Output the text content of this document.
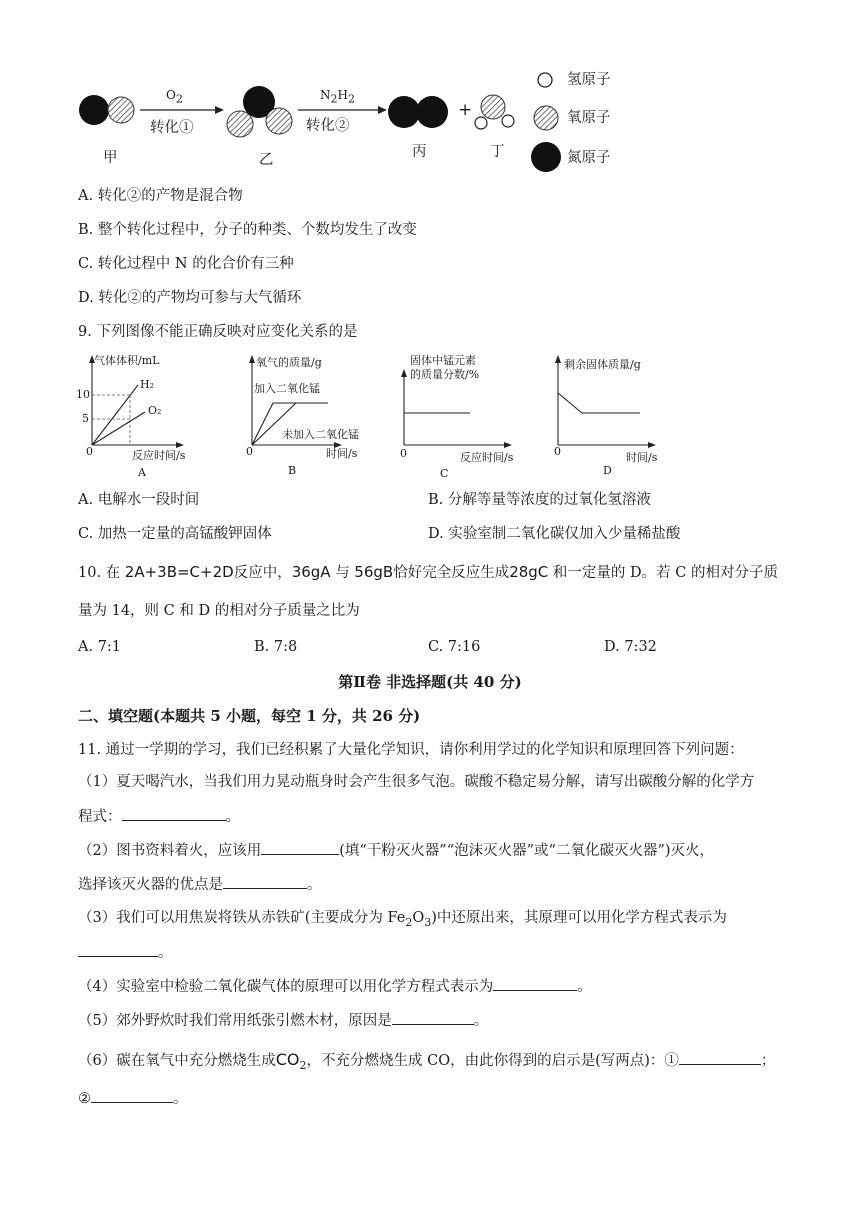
$O_2$
转化①
$N_2H_2$
转化②
+
甲	乙	丙	丁
氢原子
氧原子
氮原子
A. 转化②的产物是混合物
B. 整个转化过程中，分子的种类、个数均发生了改变
C. 转化过程中 N 的化合价有三种
D. 转化②的产物均可参与大气循环
9. 下列图像不能正确反映对应变化关系的是
气体体积/mL
H₂
O₂
10
5
0	反应时间/s
A
氧气的质量/g
加入二氧化锰
未加入二氧化锰
0	时间/s
B
固体中锰元素
的质量分数/%
0	反应时间/s
C
剩余固体质量/g
0	时间/s
D
A. 电解水一段时间	B. 分解等量等浓度的过氧化氢溶液
C. 加热一定量的高锰酸钾固体	D. 实验室制二氧化碳仅加入少量稀盐酸
10. 在 2A+3B=C+2D反应中，36gA 与 56gB恰好完全反应生成28gC 和一定量的 D。若 C 的相对分子质
量为 14，则 C 和 D 的相对分子质量之比为
A. 7:1	B. 7:8	C. 7:16	D. 7:32
第Ⅱ卷 非选择题(共 40 分)
二、填空题(本题共 5 小题，每空 1 分，共 26 分)
11. 通过一学期的学习，我们已经积累了大量化学知识，请你利用学过的化学知识和原理回答下列问题：
（1）夏天喝汽水，当我们用力晃动瓶身时会产生很多气泡。碳酸不稳定易分解，请写出碳酸分解的化学方
程式：	。
（2）图书资料着火，应该用	(填“干粉灭火器”“泡沫灭火器”或“二氧化碳灭火器”)灭火，
选择该灭火器的优点是	。
（3）我们可以用焦炭将铁从赤铁矿(主要成分为 $Fe_2O_3$)中还原出来，其原理可以用化学方程式表示为
。
（4）实验室中检验二氧化碳气体的原理可以用化学方程式表示为	。
（5）郊外野炊时我们常用纸张引燃木材，原因是	。
（6）碳在氧气中充分燃烧生成$CO_2$，不充分燃烧生成 CO，由此你得到的启示是(写两点)：①	；
②	。
